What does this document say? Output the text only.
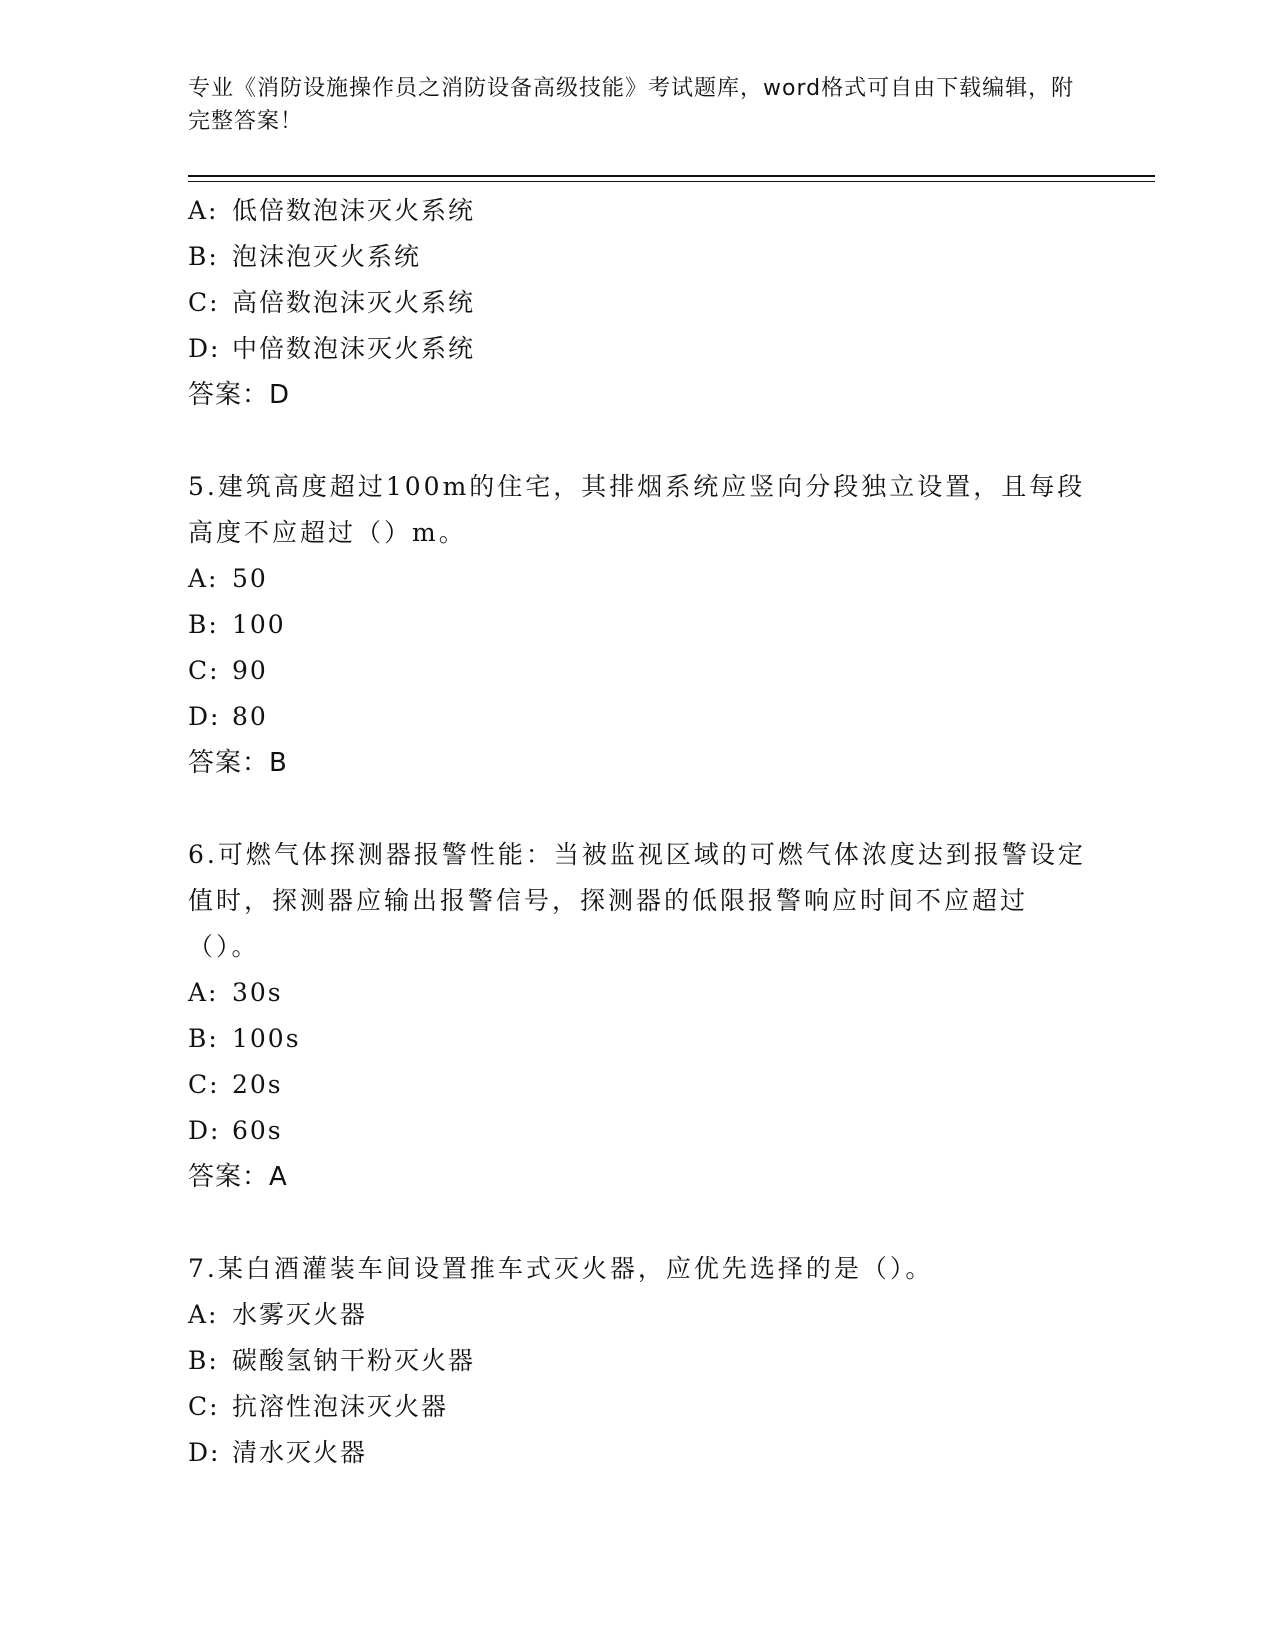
专业《消防设施操作员之消防设备高级技能》考试题库，word格式可自由下载编辑，附完整答案！
A: 低倍数泡沫灭火系统
B: 泡沫泡灭火系统
C: 高倍数泡沫灭火系统
D: 中倍数泡沫灭火系统
答案：D
5.建筑高度超过100m的住宅，其排烟系统应竖向分段独立设置，且每段高度不应超过（）m。
A: 50
B: 100
C: 90
D: 80
答案：B
6.可燃气体探测器报警性能：当被监视区域的可燃气体浓度达到报警设定值时，探测器应输出报警信号，探测器的低限报警响应时间不应超过（）。
A: 30s
B: 100s
C: 20s
D: 60s
答案：A
7.某白酒灌装车间设置推车式灭火器，应优先选择的是（）。
A: 水雾灭火器
B: 碳酸氢钠干粉灭火器
C: 抗溶性泡沫灭火器
D: 清水灭火器
